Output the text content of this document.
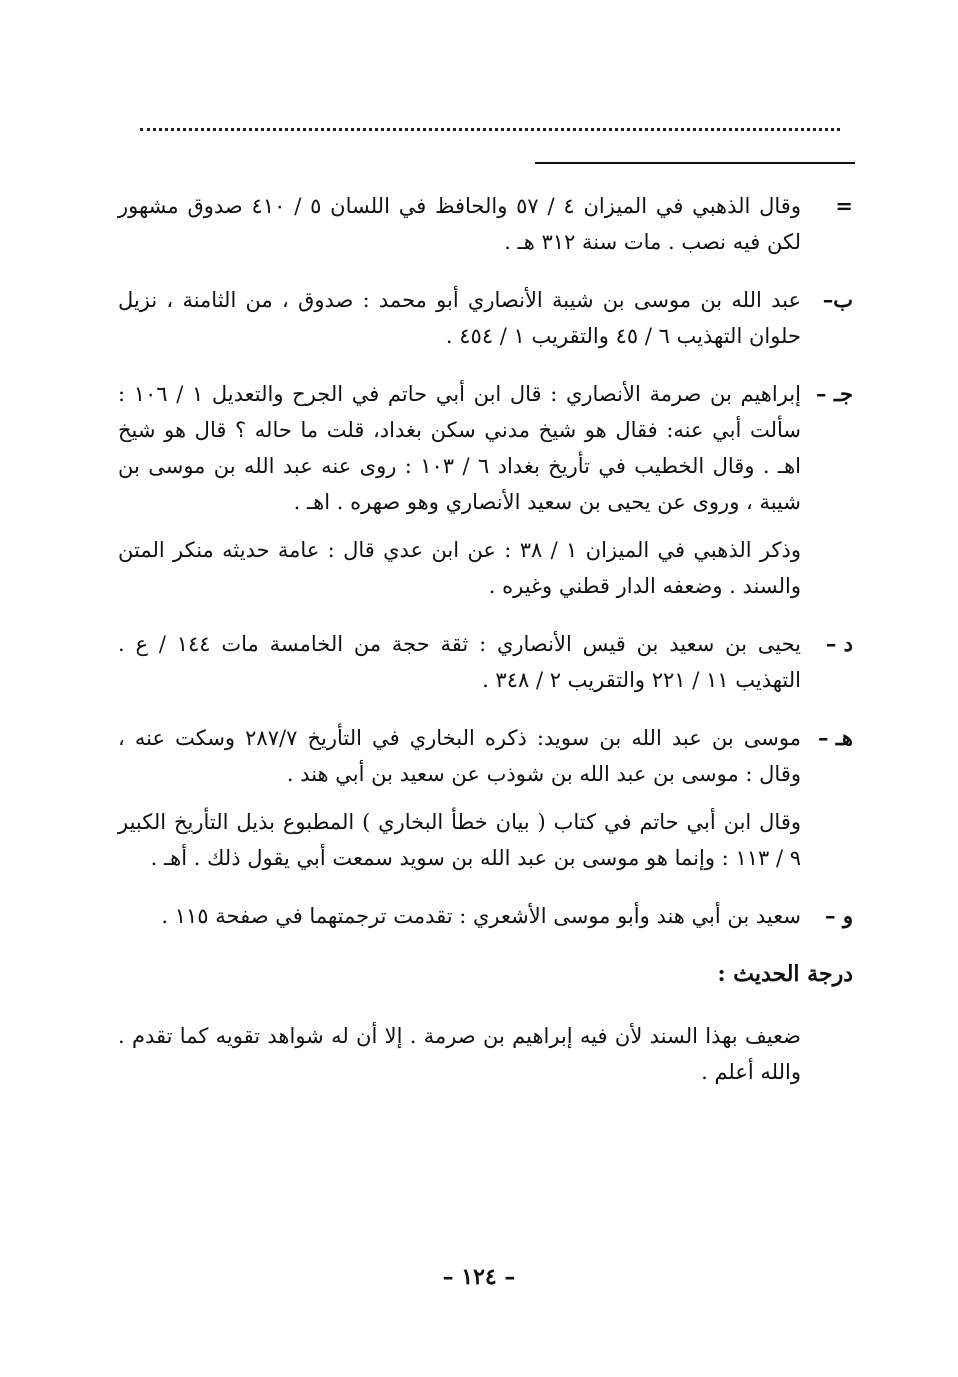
=

وقال الذهبي في الميزان ٤ / ٥٧ والحافظ في اللسان ٥ / ٤١٠ صدوق مشهور لكن فيه نصب . مات سنة ٣١٢ هـ .

ب–

عبد الله بن موسى بن شيبة الأنصاري أبو محمد : صدوق ، من الثامنة ، نزيل حلوان التهذيب ٦ / ٤٥ والتقريب ١ / ٤٥٤ .

جـ –

إبراهيم بن صرمة الأنصاري : قال ابن أبي حاتم في الجرح والتعديل ١ / ١٠٦ : سألت أبي عنه: فقال هو شيخ مدني سكن بغداد، قلت ما حاله ؟ قال هو شيخ اهـ . وقال الخطيب في تأريخ بغداد ٦ / ١٠٣ : روى عنه عبد الله بن موسى بن شيبة ، وروى عن يحيى بن سعيد الأنصاري وهو صهره . اهـ .

وذكر الذهبي في الميزان ١ / ٣٨ : عن ابن عدي قال : عامة حديثه منكر المتن والسند . وضعفه الدار قطني وغيره .

د –

يحيى بن سعيد بن قيس الأنصاري : ثقة حجة من الخامسة مات ١٤٤ / ع . التهذيب ١١ / ٢٢١ والتقريب ٢ / ٣٤٨ .

هـ –

موسى بن عبد الله بن سويد: ذكره البخاري في التأريخ ٢٨٧/٧ وسكت عنه ، وقال : موسى بن عبد الله بن شوذب عن سعيد بن أبي هند .

وقال ابن أبي حاتم في كتاب ( بيان خطأ البخاري ) المطبوع بذيل التأريخ الكبير ٩ / ١١٣ : وإنما هو موسى بن عبد الله بن سويد سمعت أبي يقول ذلك . أهـ .

و –

سعيد بن أبي هند وأبو موسى الأشعري : تقدمت ترجمتهما في صفحة ١١٥ .

درجة الحديث :

ضعيف بهذا السند لأن فيه إبراهيم بن صرمة . إلا أن له شواهد تقويه كما تقدم . والله أعلم .

– ١٢٤ –
